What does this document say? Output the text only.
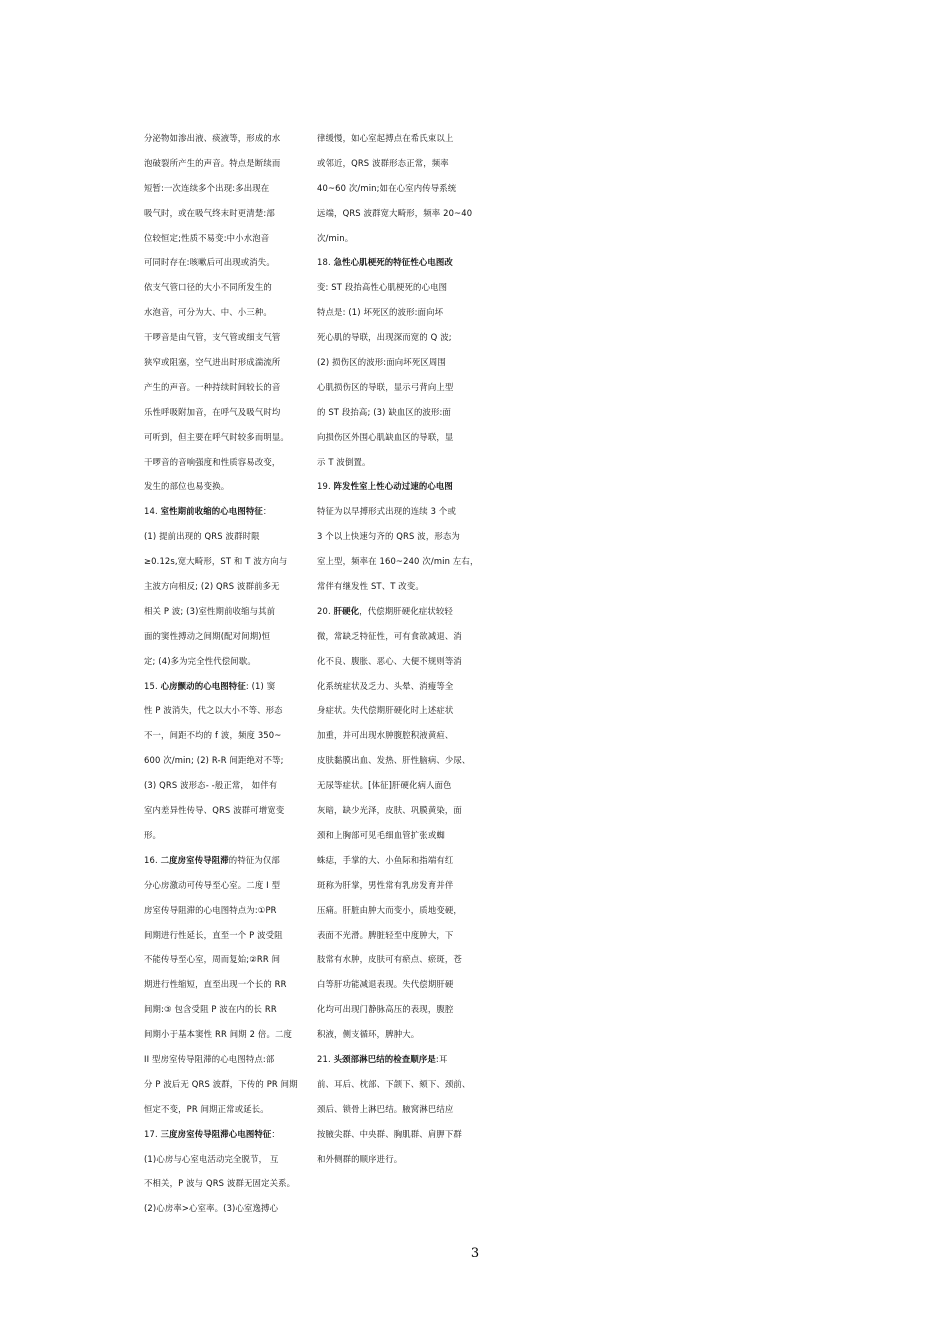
分泌物如渗出液、痰液等，形成的水
泡破裂所产生的声音。特点是断续而
短暂:一次连续多个出现:多出现在
吸气时，或在吸气终末时更清楚:部
位较恒定;性质不易变:中小水泡音
可同时存在:咳嗽后可出现或消失。
依支气管口径的大小不同所发生的
水泡音，可分为大、中、小三种。
干啰音是由气管，支气管或细支气管
狭窄或阻塞，空气进出时形成湍流所
产生的声音。一种持续时间较长的音
乐性呼吸附加音，在呼气及吸气时均
可听到，但主要在呼气时较多而明显。
干啰音的音响强度和性质容易改变，
发生的部位也易变换。
14. 室性期前收缩的心电图特征：
(1) 提前出现的 QRS 波群时限
≥0.12s,宽大畸形，ST 和 T 波方向与
主波方向相反; (2) QRS 波群前多无
相关 P 波; (3)室性期前收缩与其前
面的窦性搏动之间期(配对间期)恒
定; (4)多为完全性代偿间歇。
15. 心房颤动的心电图特征: (1) 窦
性 P 波消失，代之以大小不等、形态
不一，间距不均的 f 波，频度 350~
600 次/min; (2) R-R 间距绝对不等;
(3) QRS 波形态- -般正常， 如伴有
室内差异性传导、QRS 波群可增宽变
形。
16. 二度房室传导阻滞的特征为仅部
分心房激动可传导至心室。二度 I 型
房室传导阻滞的心电图特点为:①PR
间期进行性延长，直至一个 P 波受阻
不能传导至心室，周而复始;②RR 间
期进行性缩短，直至出现一个长的 RR
间期:③ 包含受阻 P 波在内的长 RR
间期小于基本窦性 RR 间期 2 倍。二度
II 型房室传导阻滞的心电图特点:部
分 P 波后无 QRS 波群，下传的 PR 间期
恒定不变，PR 间期正常或延长。
17. 三度房室传导阻滞心电图特征：
(1)心房与心室电活动完全脱节， 互
不相关，P 波与 QRS 波群无固定关系。
(2)心房率>心室率。(3)心室逸搏心
律缓慢，如心室起搏点在希氏束以上
或邻近，QRS 波群形态正常，频率
40~60 次/min;如在心室内传导系统
远端，QRS 波群宽大畸形，频率 20~40
次/min。
18. 急性心肌梗死的特征性心电图改
变: ST 段抬高性心肌梗死的心电图
特点是: (1) 坏死区的波形:面向坏
死心肌的导联，出现深而宽的 Q 波;
(2) 损伤区的波形:面向坏死区周围
心肌损伤区的导联，显示弓背向上型
的 ST 段抬高; (3) 缺血区的波形:面
向损伤区外围心肌缺血区的导联，显
示 T 波倒置。
19. 阵发性室上性心动过速的心电图
特征为以早搏形式出现的连续 3 个或
3 个以上快速匀齐的 QRS 波，形态为
室上型，频率在 160~240 次/min 左右，
常伴有继发性 ST、T 改变。
20. 肝硬化，代偿期肝硬化症状较轻
微，常缺乏特征性，可有食欲减退、消
化不良、腹胀、恶心、大便不规则等消
化系统症状及乏力、头晕、消瘦等全
身症状。失代偿期肝硬化时上述症状
加重，并可出现水肿腹腔积液黄疸、
皮肤黏膜出血、发热、肝性脑病、少尿、
无尿等症状。[体征]肝硬化病人面色
灰暗，缺少光泽，皮肤、巩膜黄染，面
颈和上胸部可见毛细血管扩张或蜘
蛛痣，手掌的大、小鱼际和指端有红
斑称为肝掌，男性常有乳房发育并伴
压痛。肝脏由肿大而变小，质地变硬，
表面不光滑。脾脏轻至中度肿大，下
肢常有水肿，皮肤可有瘀点、瘀斑，苍
白等肝功能减退表现。失代偿期肝硬
化均可出现门静脉高压的表现，腹腔
积液，侧支循环，脾肿大。
21. 头颈部淋巴结的检查顺序是:耳
前、耳后、枕部、下颌下、颏下、颈前、
颈后、锁骨上淋巴结。腋窝淋巴结应
按腋尖群、中央群、胸肌群、肩胛下群
和外侧群的顺序进行。
3
